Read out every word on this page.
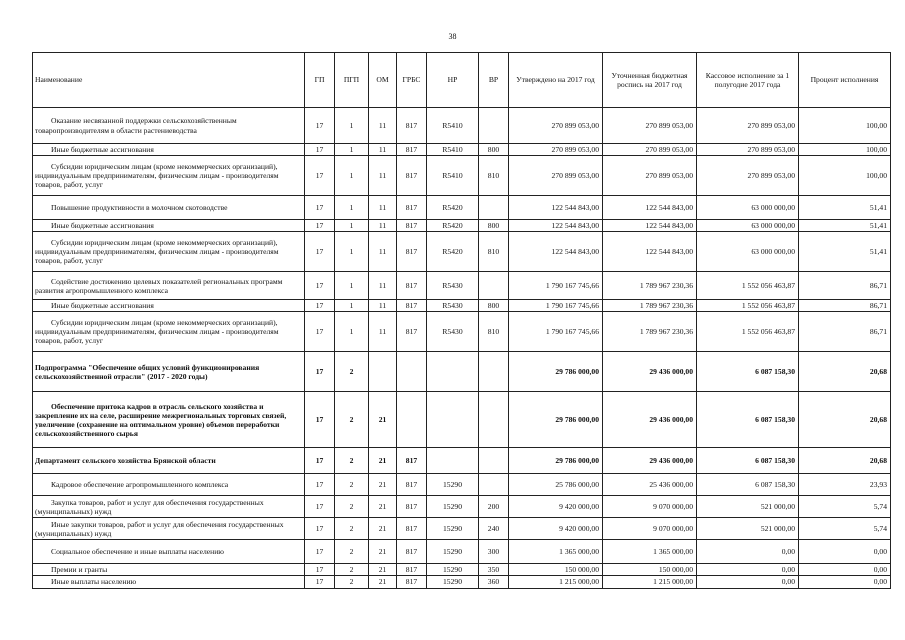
38
Наименование	ГП	ПГП	ОМ	ГРБС	НР	ВР	Утверждено на 2017 год	Уточненная бюджетная роспись на 2017 год	Кассовое исполнение за 1 полугодие 2017 года	Процент исполнения
Оказание несвязанной поддержки сельскохозяйственным товаропроизводителям в области растениеводства	17	1	11	817	R5410		270 899 053,00	270 899 053,00	270 899 053,00	100,00
Иные бюджетные ассигнования	17	1	11	817	R5410	800	270 899 053,00	270 899 053,00	270 899 053,00	100,00
Субсидии юридическим лицам (кроме некоммерческих организаций), индивидуальным предпринимателям, физическим лицам - производителям товаров, работ, услуг	17	1	11	817	R5410	810	270 899 053,00	270 899 053,00	270 899 053,00	100,00
Повышение продуктивности в молочном скотоводстве	17	1	11	817	R5420		122 544 843,00	122 544 843,00	63 000 000,00	51,41
Иные бюджетные ассигнования	17	1	11	817	R5420	800	122 544 843,00	122 544 843,00	63 000 000,00	51,41
Субсидии юридическим лицам (кроме некоммерческих организаций), индивидуальным предпринимателям, физическим лицам - производителям товаров, работ, услуг	17	1	11	817	R5420	810	122 544 843,00	122 544 843,00	63 000 000,00	51,41
Содействие достижению целевых показателей региональных программ развития агропромышленного комплекса	17	1	11	817	R5430		1 790 167 745,66	1 789 967 230,36	1 552 056 463,87	86,71
Иные бюджетные ассигнования	17	1	11	817	R5430	800	1 790 167 745,66	1 789 967 230,36	1 552 056 463,87	86,71
Субсидии юридическим лицам (кроме некоммерческих организаций), индивидуальным предпринимателям, физическим лицам - производителям товаров, работ, услуг	17	1	11	817	R5430	810	1 790 167 745,66	1 789 967 230,36	1 552 056 463,87	86,71
Подпрограмма "Обеспечение общих условий функционирования сельскохозяйственной отрасли" (2017 - 2020 годы)	17	2					29 786 000,00	29 436 000,00	6 087 158,30	20,68
Обеспечение притока кадров в отрасль сельского хозяйства и закрепление их на селе, расширение межрегиональных торговых связей, увеличение (сохранение на оптимальном уровне) объемов переработки сельскохозяйственного сырья	17	2	21				29 786 000,00	29 436 000,00	6 087 158,30	20,68
Департамент сельского хозяйства Брянской области	17	2	21	817			29 786 000,00	29 436 000,00	6 087 158,30	20,68
Кадровое обеспечение агропромышленного комплекса	17	2	21	817	15290		25 786 000,00	25 436 000,00	6 087 158,30	23,93
Закупка товаров, работ и услуг для обеспечения государственных (муниципальных) нужд	17	2	21	817	15290	200	9 420 000,00	9 070 000,00	521 000,00	5,74
Иные закупки товаров, работ и услуг для обеспечения государственных (муниципальных) нужд	17	2	21	817	15290	240	9 420 000,00	9 070 000,00	521 000,00	5,74
Социальное обеспечение и иные выплаты населению	17	2	21	817	15290	300	1 365 000,00	1 365 000,00	0,00	0,00
Премии и гранты	17	2	21	817	15290	350	150 000,00	150 000,00	0,00	0,00
Иные выплаты населению	17	2	21	817	15290	360	1 215 000,00	1 215 000,00	0,00	0,00
